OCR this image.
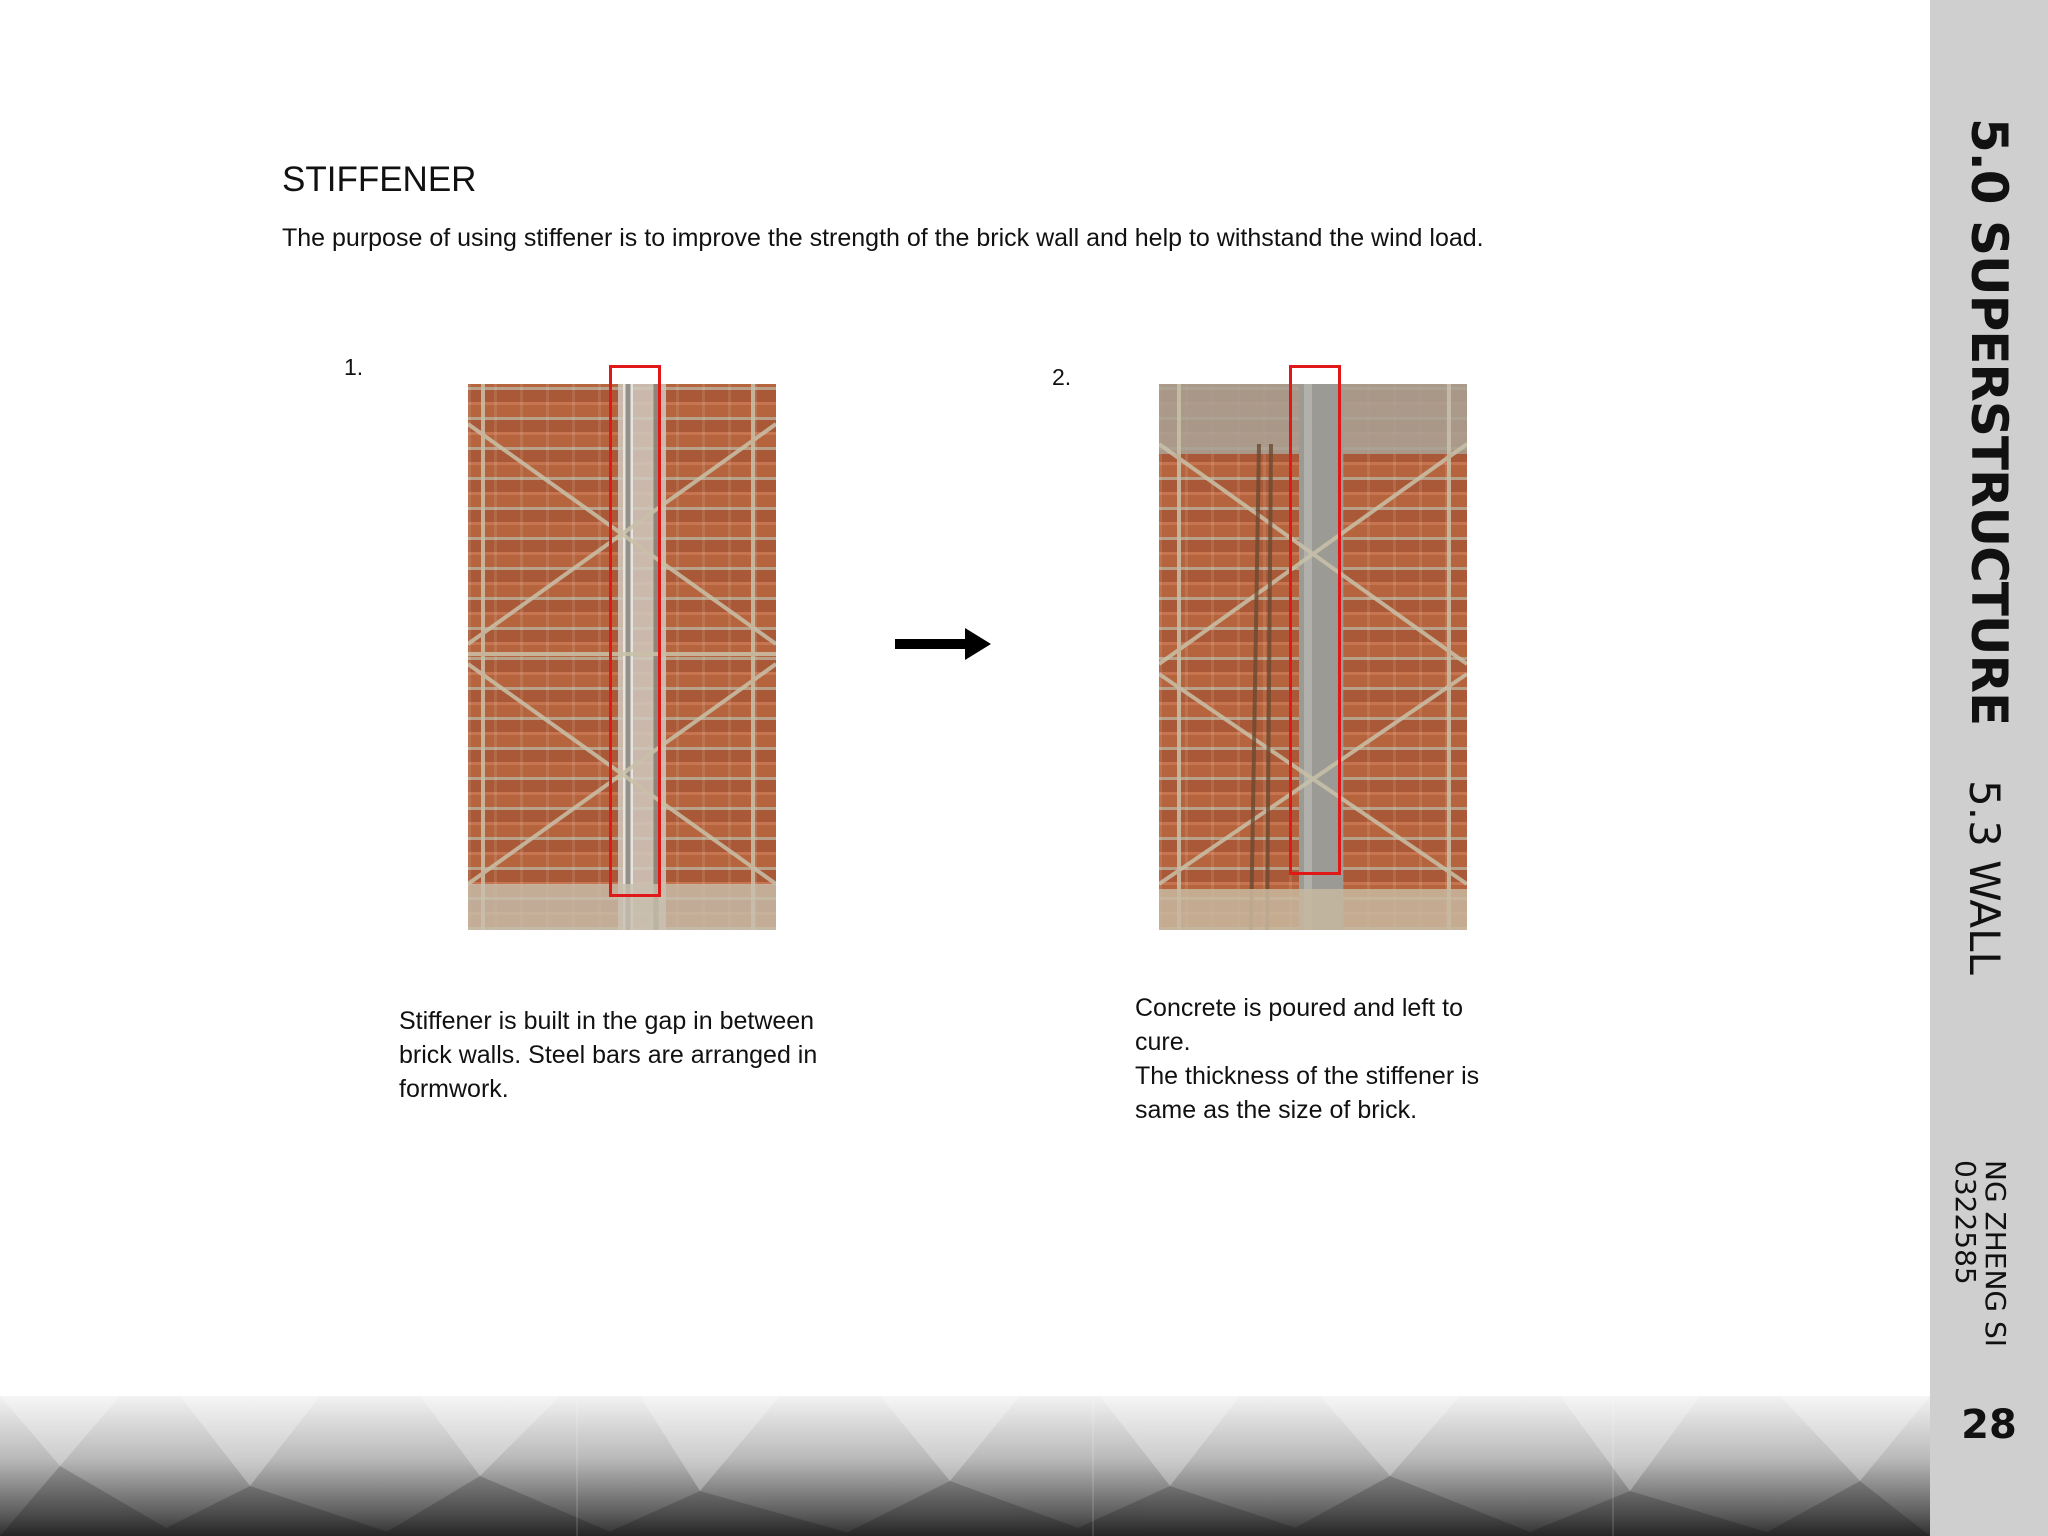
5.0 SUPERSTRUCTURE
5.3 WALL
NG ZHENG SI
0322585
28
STIFFENER
The purpose of using stiffener is to improve the strength of the brick wall and help to withstand the wind load.
1.
Stiffener is built in the gap in between
brick walls. Steel bars are arranged in
formwork.
2.
Concrete is poured and left to
cure.
The thickness of the stiffener is
same as the size of brick.
